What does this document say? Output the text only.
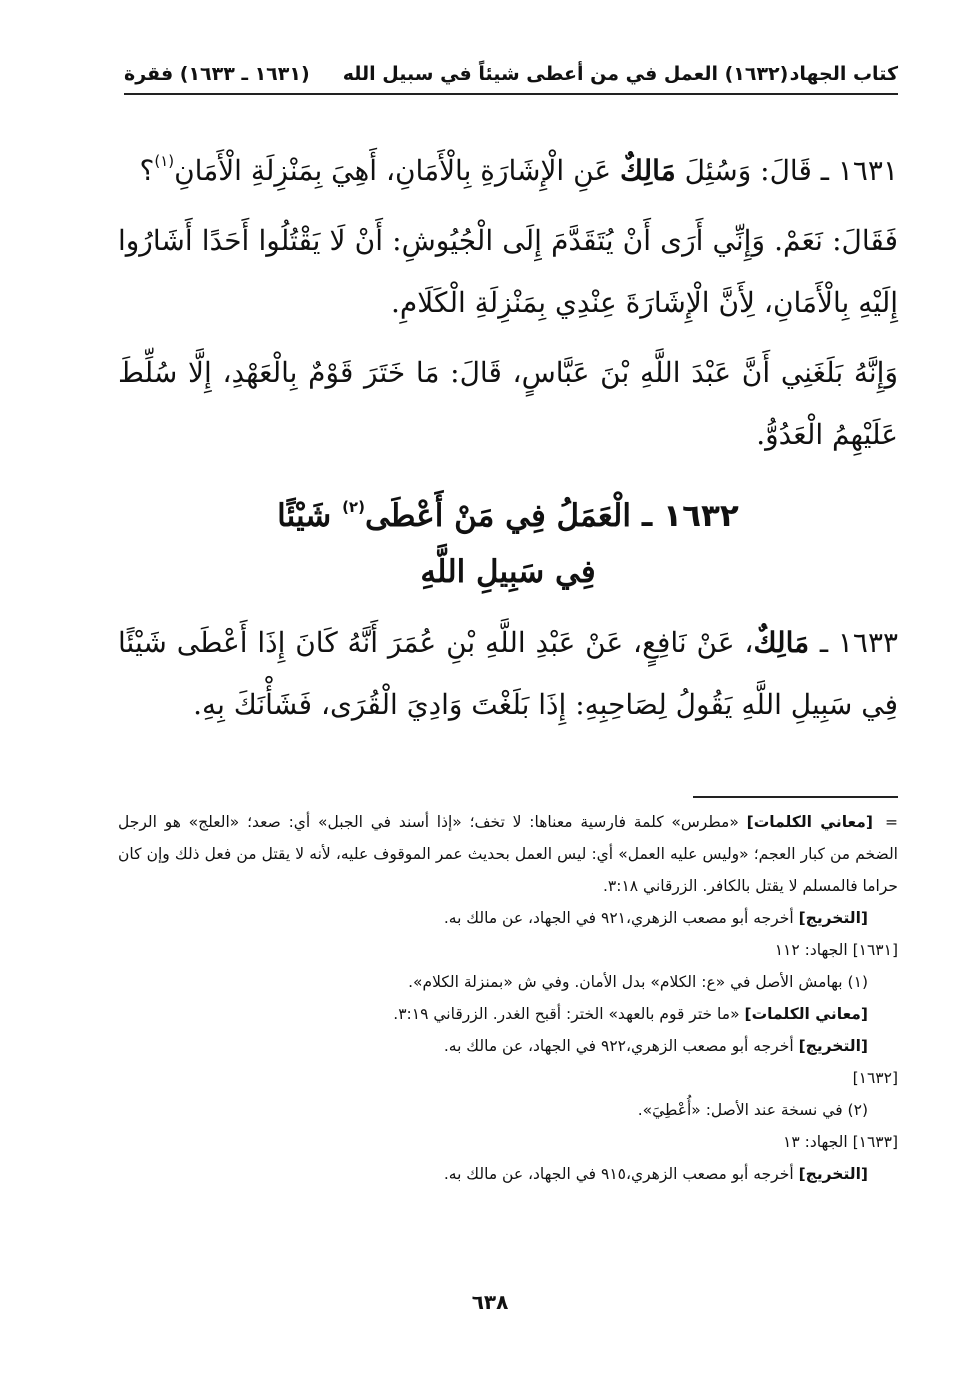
كتاب الجهاد
(١٦٣٢) العمل في من أعطى شيئاً في سبيل الله     (١٦٣١ ـ ١٦٣٣) فقرة

١٦٣١ ـ قَالَ: وَسُئِلَ مَالِكٌ عَنِ الْإِشَارَةِ بِالْأَمَانِ، أَهِيَ بِمَنْزِلَةِ الْأَمَانِ$^{(١)}$؟

فَقَالَ: نَعَمْ. وَإِنِّي أَرَى أَنْ يُتَقَدَّمَ إِلَى الْجُيُوشِ: أَنْ لَا يَقْتُلُوا أَحَدًا أَشَارُوا إِلَيْهِ بِالْأَمَانِ، لِأَنَّ الْإِشَارَةَ عِنْدِي بِمَنْزِلَةِ الْكَلَامِ.

وَإِنَّهُ بَلَغَنِي أَنَّ عَبْدَ اللَّهِ بْنَ عَبَّاسٍ، قَالَ: مَا خَتَرَ قَوْمٌ بِالْعَهْدِ، إِلَّا سُلِّطَ عَلَيْهِمُ الْعَدُوُّ.

١٦٣٢ ـ الْعَمَلُ فِي مَنْ أَعْطَى$^{(٢)}$ شَيْئًا
فِي سَبِيلِ اللَّهِ

١٦٣٣ ـ مَالِكٌ، عَنْ نَافِعٍ، عَنْ عَبْدِ اللَّهِ بْنِ عُمَرَ أَنَّهُ كَانَ إِذَا أَعْطَى شَيْئًا فِي سَبِيلِ اللَّهِ يَقُولُ لِصَاحِبِهِ: إِذَا بَلَغْتَ وَادِيَ الْقُرَى، فَشَأْنَكَ بِهِ.

=[معاني الكلمات] «مطرس» كلمة فارسية معناها: لا تخف؛ «إذا أسند في الجبل» أي: صعد؛ «العلج» هو الرجل الضخم من كبار العجم؛ «وليس عليه العمل» أي: ليس العمل بحديث عمر الموقوف عليه، لأنه لا يقتل من فعل ذلك وإن كان حراما فالمسلم لا يقتل بالكافر. الزرقاني ٣:١٨.

[التخريج] أخرجه أبو مصعب الزهري،٩٢١ في الجهاد، عن مالك به.

[١٦٣١] الجهاد: ١١٢

(١) بهامش الأصل في «ع: الكلام» بدل الأمان. وفي ش «بمنزلة الكلام».

[معاني الكلمات] «ما ختر قوم بالعهد» الختر: أقبح الغدر. الزرقاني ٣:١٩.

[التخريج] أخرجه أبو مصعب الزهري،٩٢٢ في الجهاد، عن مالك به.

[١٦٣٢]

(٢) في نسخة عند الأصل: «أُعْطِيَ».

[١٦٣٣] الجهاد: ١٣

[التخريج] أخرجه أبو مصعب الزهري،٩١٥ في الجهاد، عن مالك به.

٦٣٨
